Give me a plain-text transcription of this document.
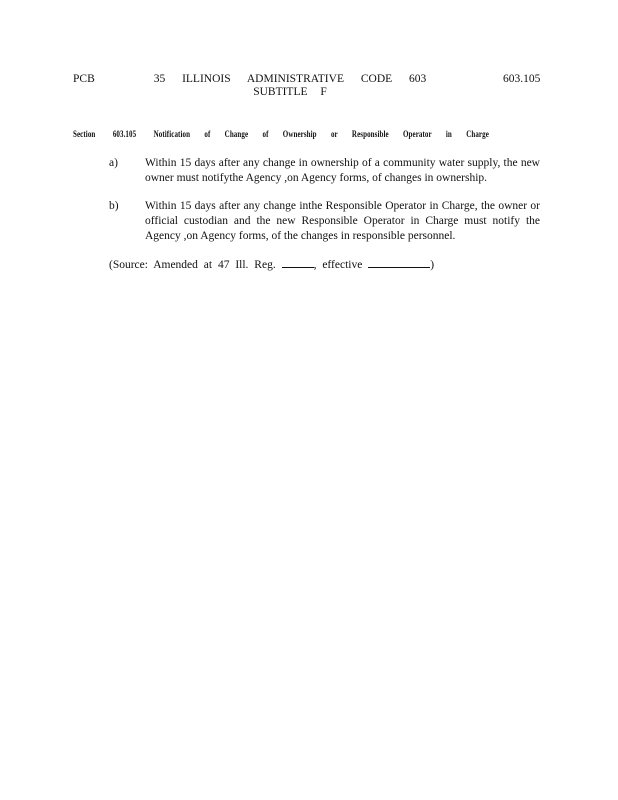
PCB	35 ILLINOIS ADMINISTRATIVE CODE 603
SUBTITLE F
603.105
Section 603.105 Notification of Change of Ownership or Responsible Operator in Charge
a) Within 15 days after any change in ownership of a community water supply, the new owner must notifythe Agency ,on Agency forms, of changes in ownership.
b) Within 15 days after any change inthe Responsible Operator in Charge, the owner or official custodian and the new Responsible Operator in Charge must notify the Agency ,on Agency forms, of the changes in responsible personnel.
(Source: Amended at 47 Ill. Reg.	, effective	)
